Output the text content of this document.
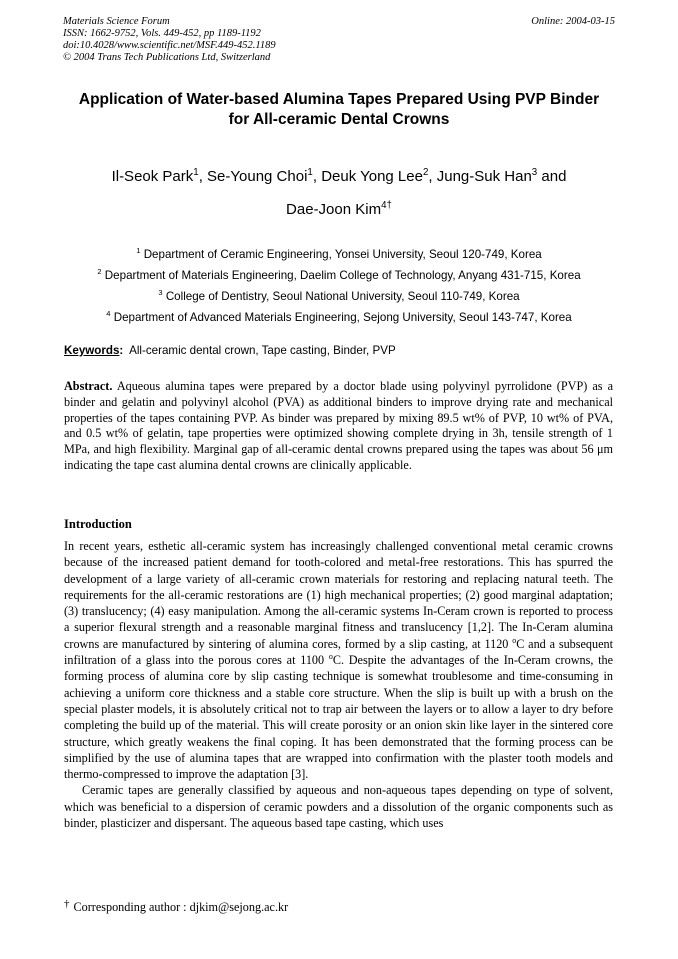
Materials Science Forum
ISSN: 1662-9752, Vols. 449-452, pp 1189-1192
doi:10.4028/www.scientific.net/MSF.449-452.1189
© 2004 Trans Tech Publications Ltd, Switzerland
Online: 2004-03-15
Application of Water-based Alumina Tapes Prepared Using PVP Binder
for All-ceramic Dental Crowns
Il-Seok Park$^1$, Se-Young Choi$^1$, Deuk Yong Lee$^2$, Jung-Suk Han$^3$ and
Dae-Joon Kim$^{4\dagger}$
$^1$ Department of Ceramic Engineering, Yonsei University, Seoul 120-749, Korea
$^2$ Department of Materials Engineering, Daelim College of Technology, Anyang 431-715, Korea
$^3$ College of Dentistry, Seoul National University, Seoul 110-749, Korea
$^4$ Department of Advanced Materials Engineering, Sejong University, Seoul 143-747, Korea
Keywords: All-ceramic dental crown, Tape casting, Binder, PVP
Abstract. Aqueous alumina tapes were prepared by a doctor blade using polyvinyl pyrrolidone (PVP) as a binder and gelatin and polyvinyl alcohol (PVA) as additional binders to improve drying rate and mechanical properties of the tapes containing PVP. As binder was prepared by mixing 89.5 wt% of PVP, 10 wt% of PVA, and 0.5 wt% of gelatin, tape properties were optimized showing complete drying in 3h, tensile strength of 1 MPa, and high flexibility. Marginal gap of all-ceramic dental crowns prepared using the tapes was about 56 μm indicating the tape cast alumina dental crowns are clinically applicable.
Introduction

In recent years, esthetic all-ceramic system has increasingly challenged conventional metal ceramic crowns because of the increased patient demand for tooth-colored and metal-free restorations. This has spurred the development of a large variety of all-ceramic crown materials for restoring and replacing natural teeth. The requirements for the all-ceramic restorations are (1) high mechanical properties; (2) good marginal adaptation; (3) translucency; (4) easy manipulation. Among the all-ceramic systems In-Ceram crown is reported to process a superior flexural strength and a reasonable marginal fitness and translucency [1,2]. The In-Ceram alumina crowns are manufactured by sintering of alumina cores, formed by a slip casting, at 1120 $^o$C and a subsequent infiltration of a glass into the porous cores at 1100 $^o$C. Despite the advantages of the In-Ceram crowns, the forming process of alumina core by slip casting technique is somewhat troublesome and time-consuming in achieving a uniform core thickness and a stable core structure. When the slip is built up with a brush on the special plaster models, it is absolutely critical not to trap air between the layers or to allow a layer to dry before completing the build up of the material. This will create porosity or an onion skin like layer in the sintered core structure, which greatly weakens the final coping. It has been demonstrated that the forming process can be simplified by the use of alumina tapes that are wrapped into confirmation with the plaster tooth models and thermo-compressed to improve the adaptation [3].

Ceramic tapes are generally classified by aqueous and non-aqueous tapes depending on type of solvent, which was beneficial to a dispersion of ceramic powders and a dissolution of the organic components such as binder, plasticizer and dispersant. The aqueous based tape casting, which uses

† Corresponding author : djkim@sejong.ac.kr
